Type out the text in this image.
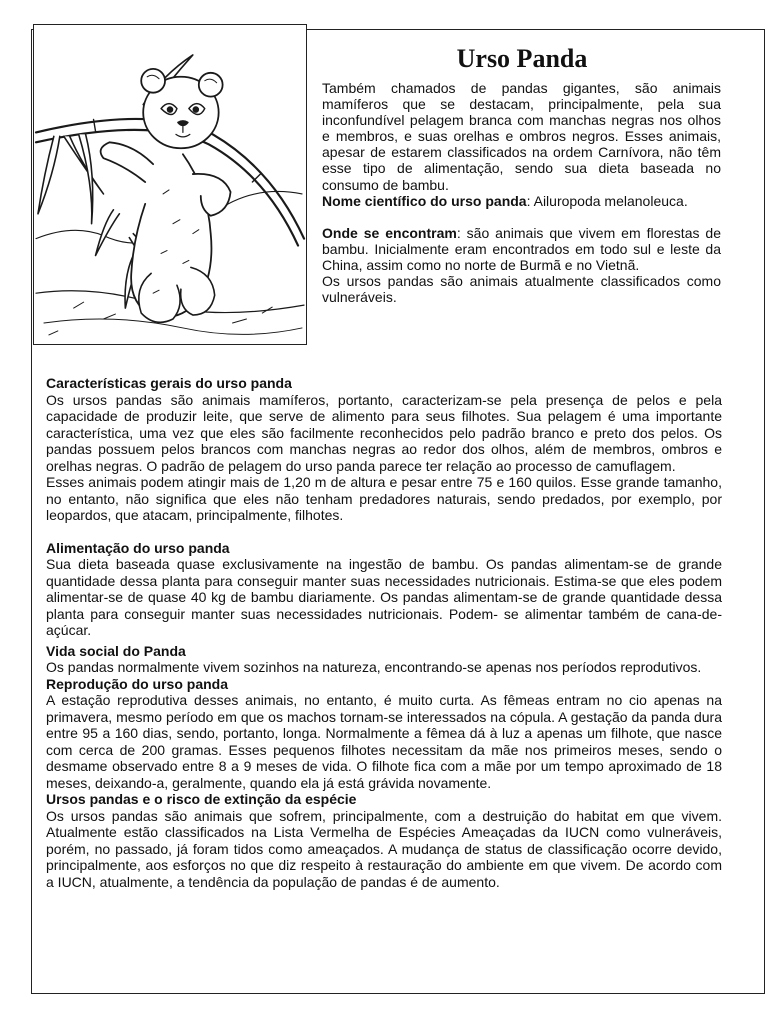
Urso Panda

Também chamados de pandas gigantes, são animais mamíferos que se destacam, principalmente, pela sua inconfundível pelagem branca com manchas negras nos olhos e membros, e suas orelhas e ombros negros. Esses animais, apesar de estarem classificados na ordem Carnívora, não têm esse tipo de alimentação, sendo sua dieta baseada no consumo de bambu.

Nome científico do urso panda: Ailuropoda melanoleuca.

Onde se encontram: são animais que vivem em florestas de bambu. Inicialmente eram encontrados em todo sul e leste da China, assim como no norte de Burmã e no Vietnã.

Os ursos pandas são animais atualmente classificados como vulneráveis.

Características gerais do urso panda

Os ursos pandas são animais mamíferos, portanto, caracterizam-se pela presença de pelos e pela capacidade de produzir leite, que serve de alimento para seus filhotes. Sua pelagem é uma importante característica, uma vez que eles são facilmente reconhecidos pelo padrão branco e preto dos pelos. Os pandas possuem pelos brancos com manchas negras ao redor dos olhos, além de membros, ombros e orelhas negras. O padrão de pelagem do urso panda parece ter relação ao processo de camuflagem.

Esses animais podem atingir mais de 1,20 m de altura e pesar entre 75 e 160 quilos. Esse grande tamanho, no entanto, não significa que eles não tenham predadores naturais, sendo predados, por exemplo, por leopardos, que atacam, principalmente, filhotes.

Alimentação do urso panda

Sua dieta baseada quase exclusivamente na ingestão de bambu. Os pandas alimentam-se de grande quantidade dessa planta para conseguir manter suas necessidades nutricionais. Estima-se que eles podem alimentar-se de quase 40 kg de bambu diariamente. Os pandas alimentam-se de grande quantidade dessa planta para conseguir manter suas necessidades nutricionais. Podem- se alimentar também de cana-de-açúcar.

Vida social do Panda

Os pandas normalmente vivem sozinhos na natureza, encontrando-se apenas nos períodos reprodutivos.

Reprodução do urso panda

A estação reprodutiva desses animais, no entanto, é muito curta. As fêmeas entram no cio apenas na primavera, mesmo período em que os machos tornam-se interessados na cópula. A gestação da panda dura entre 95 a 160 dias, sendo, portanto, longa. Normalmente a fêmea dá à luz a apenas um filhote, que nasce com cerca de 200 gramas. Esses pequenos filhotes necessitam da mãe nos primeiros meses, sendo o desmame observado entre 8 a 9 meses de vida. O filhote fica com a mãe por um tempo aproximado de 18 meses, deixando-a, geralmente, quando ela já está grávida novamente.

Ursos pandas e o risco de extinção da espécie

Os ursos pandas são animais que sofrem, principalmente, com a destruição do habitat em que vivem. Atualmente estão classificados na Lista Vermelha de Espécies Ameaçadas da IUCN como vulneráveis, porém, no passado, já foram tidos como ameaçados. A mudança de status de classificação ocorre devido, principalmente, aos esforços no que diz respeito à restauração do ambiente em que vivem. De acordo com a IUCN, atualmente, a tendência da população de pandas é de aumento.
